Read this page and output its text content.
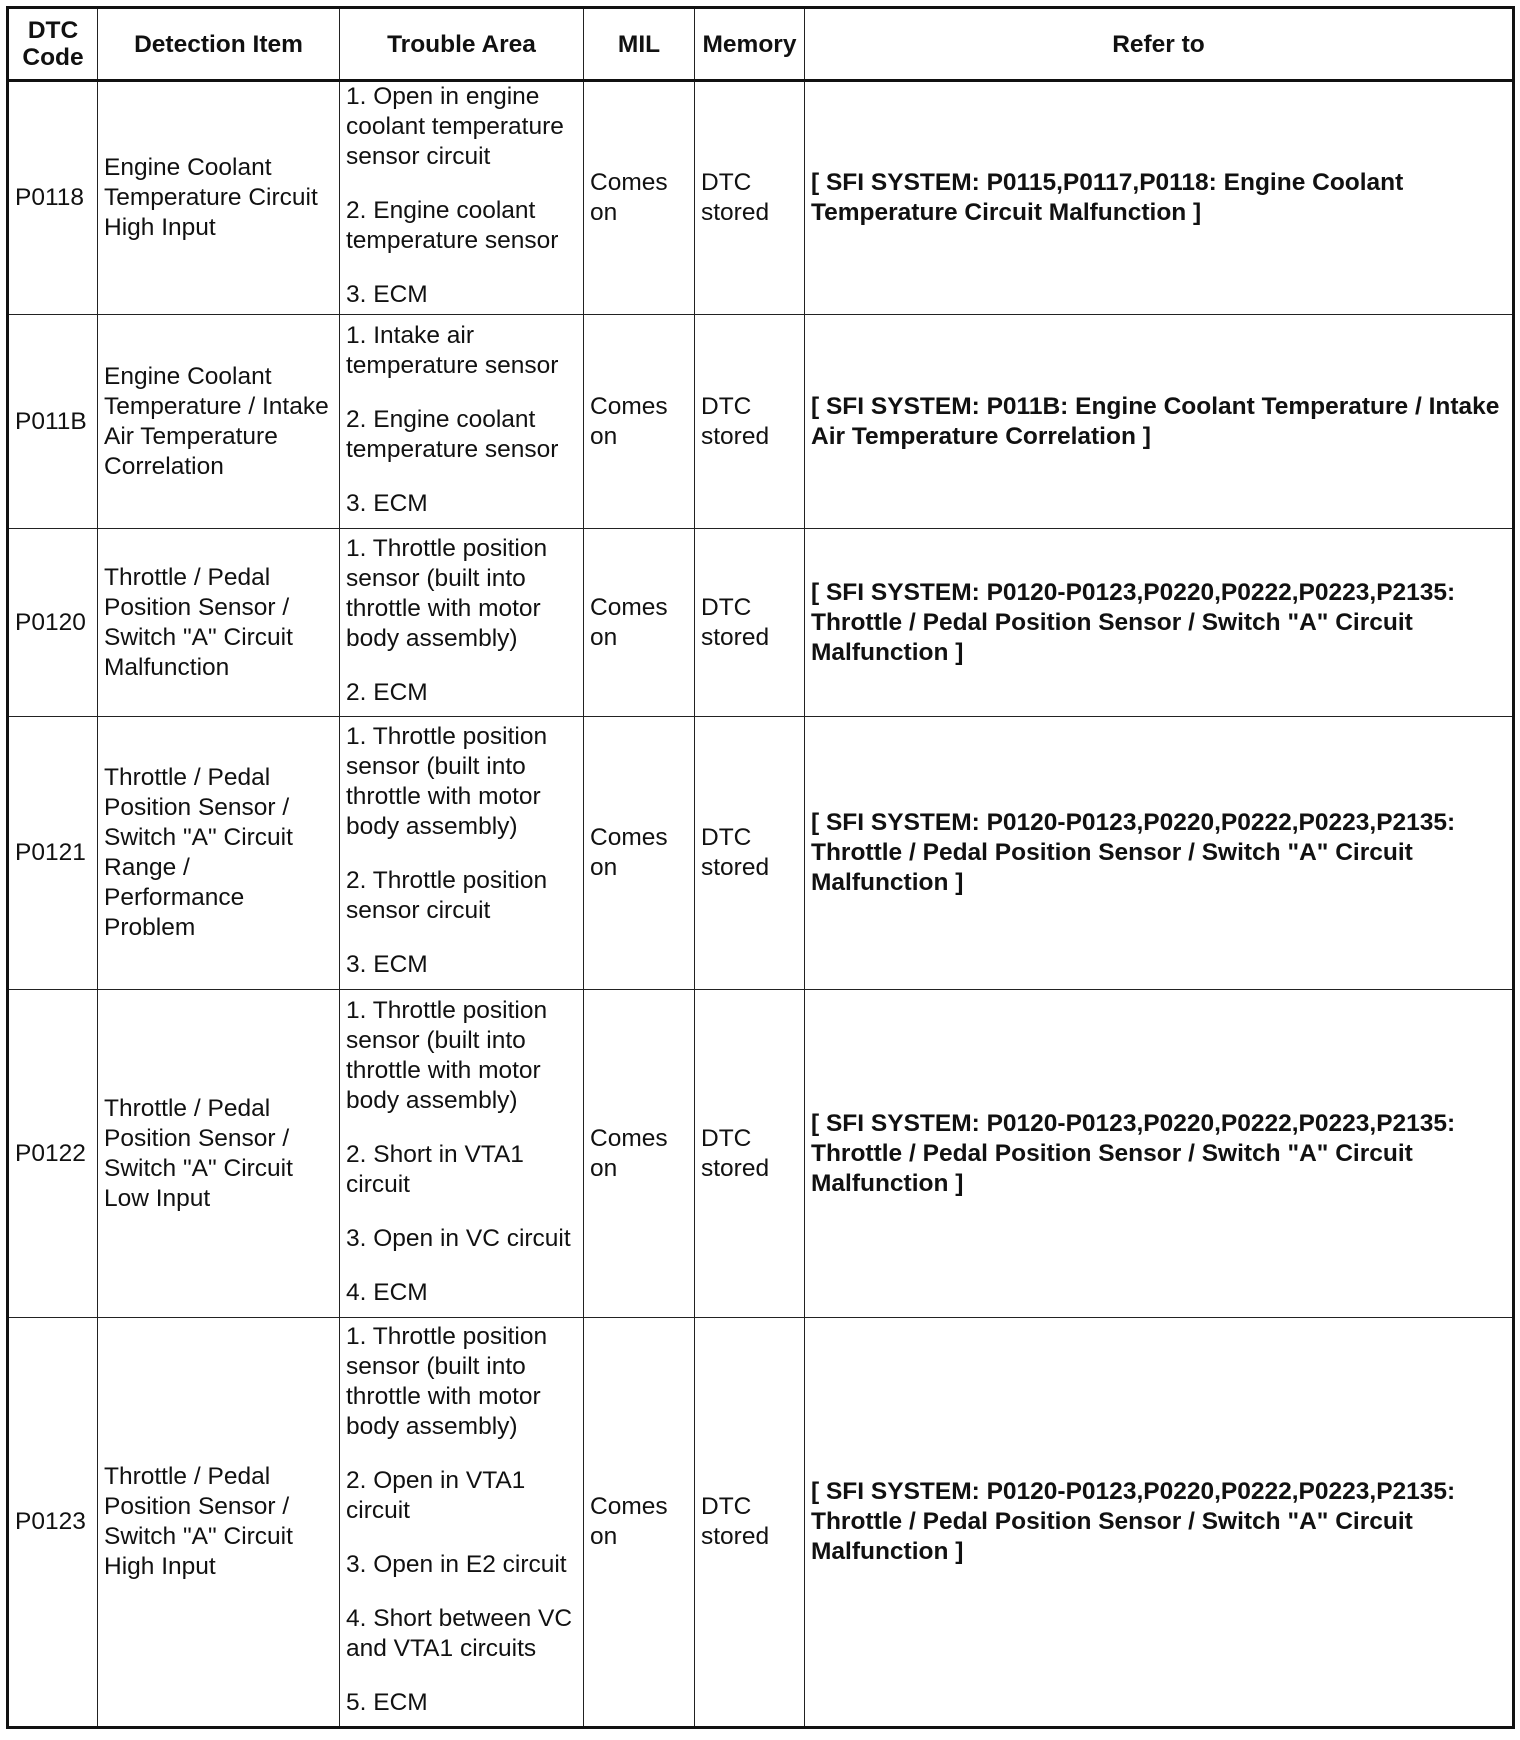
DTC
Code	Detection Item	Trouble Area	MIL	Memory	Refer to
P0118	Engine Coolant Temperature Circuit High Input	1. Open in engine coolant temperature sensor circuit
2. Engine coolant temperature sensor
3. ECM	Comes on	DTC stored	[ SFI SYSTEM: P0115,P0117,P0118: Engine Coolant Temperature Circuit Malfunction ]
P011B	Engine Coolant Temperature / Intake Air Temperature Correlation	1. Intake air temperature sensor
2. Engine coolant temperature sensor
3. ECM	Comes on	DTC stored	[ SFI SYSTEM: P011B: Engine Coolant Temperature / Intake Air Temperature Correlation ]
P0120	Throttle / Pedal Position Sensor / Switch "A" Circuit Malfunction	1. Throttle position sensor (built into throttle with motor body assembly)
2. ECM	Comes on	DTC stored	[ SFI SYSTEM: P0120-P0123,P0220,P0222,P0223,P2135: Throttle / Pedal Position Sensor / Switch "A" Circuit Malfunction ]
P0121	Throttle / Pedal Position Sensor / Switch "A" Circuit Range / Performance Problem	1. Throttle position sensor (built into throttle with motor body assembly)
2. Throttle position sensor circuit
3. ECM	Comes on	DTC stored	[ SFI SYSTEM: P0120-P0123,P0220,P0222,P0223,P2135: Throttle / Pedal Position Sensor / Switch "A" Circuit Malfunction ]
P0122	Throttle / Pedal Position Sensor / Switch "A" Circuit Low Input	1. Throttle position sensor (built into throttle with motor body assembly)
2. Short in VTA1 circuit
3. Open in VC circuit
4. ECM	Comes on	DTC stored	[ SFI SYSTEM: P0120-P0123,P0220,P0222,P0223,P2135: Throttle / Pedal Position Sensor / Switch "A" Circuit Malfunction ]
P0123	Throttle / Pedal Position Sensor / Switch "A" Circuit High Input	1. Throttle position sensor (built into throttle with motor body assembly)
2. Open in VTA1 circuit
3. Open in E2 circuit
4. Short between VC and VTA1 circuits
5. ECM	Comes on	DTC stored	[ SFI SYSTEM: P0120-P0123,P0220,P0222,P0223,P2135: Throttle / Pedal Position Sensor / Switch "A" Circuit Malfunction ]
